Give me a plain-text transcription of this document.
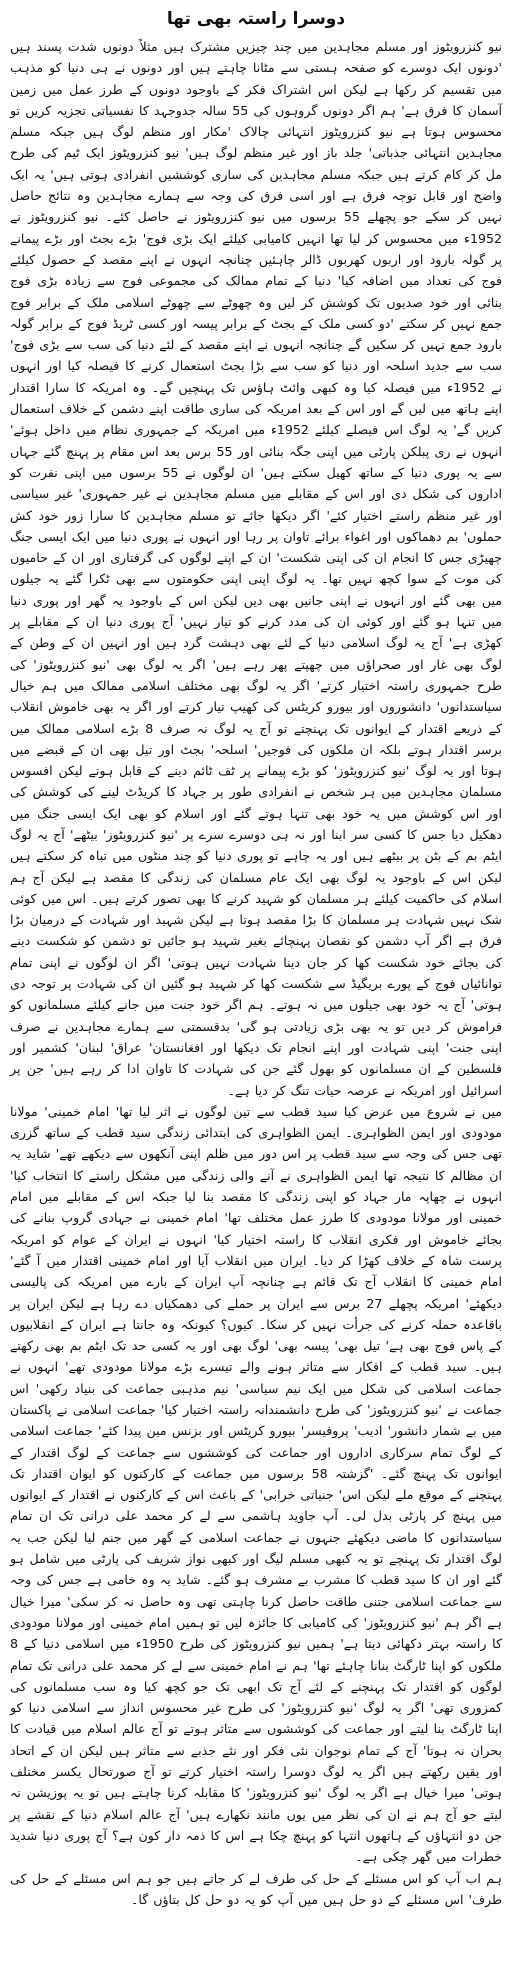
دوسرا راستہ بھی تھا

نیو کنزرویٹوز اور مسلم مجاہدین میں چند چیزیں مشترک ہیں مثلاً دونوں شدت پسند ہیں 'دونوں ایک دوسرے کو صفحہ ہستی سے مٹانا چاہتے ہیں اور دونوں نے ہی دنیا کو مذہب میں تقسیم کر رکھا ہے لیکن اس اشتراک فکر کے باوجود دونوں کے طرز عمل میں زمین آسمان کا فرق ہے' ہم اگر دونوں گروہوں کی 55 سالہ جدوجہد کا نفسیاتی تجزیہ کریں تو محسوس ہوتا ہے نیو کنزرویٹوز انتہائی چالاک 'مکار اور منظم لوگ ہیں جبکہ مسلم مجاہدین انتہائی جذباتی' جلد باز اور غیر منظم لوگ ہیں' نیو کنزرویٹوز ایک ٹیم کی طرح مل کر کام کرتے ہیں جبکہ مسلم مجاہدین کی ساری کوششیں انفرادی ہوتی ہیں' یہ ایک واضح اور قابل توجہ فرق ہے اور اسی فرق کی وجہ سے ہمارے مجاہدین وہ نتائج حاصل نہیں کر سکے جو پچھلے 55 برسوں میں نیو کنزرویٹوز نے حاصل کئے۔ نیو کنزرویٹوز نے 1952ء میں محسوس کر لیا تھا انہیں کامیابی کیلئے ایک بڑی فوج' بڑے بجٹ اور بڑے پیمانے پر گولہ بارود اور اربوں کھربوں ڈالر چاہئیں چنانچہ انہوں نے اپنے مقصد کے حصول کیلئے فوج کی تعداد میں اضافہ کیا' دنیا کے تمام ممالک کی مجموعی فوج سے زیادہ بڑی فوج بنائی اور خود صدیوں تک کوشش کر لیں وہ چھوٹے سے چھوٹے اسلامی ملک کے برابر فوج جمع نہیں کر سکتے 'دو کسی ملک کے بجٹ کے برابر پیسہ اور کسی ٹریڈ فوج کے برابر گولہ بارود جمع نہیں کر سکیں گے چنانچہ انہوں نے اپنے مقصد کے لئے دنیا کی سب سے بڑی فوج' سب سے جدید اسلحہ اور دنیا کو سب سے بڑا بجٹ استعمال کرنے کا فیصلہ کیا اور انہوں نے 1952ء میں فیصلہ کیا وہ کبھی وائٹ ہاؤس تک پہنچیں گے۔ وہ امریکہ کا سارا اقتدار اپنے ہاتھ میں لیں گے اور اس کے بعد امریکہ کی ساری طاقت اپنے دشمن کے خلاف استعمال کریں گے' یہ لوگ اس فیصلے کیلئے 1952ء میں امریکہ کے جمہوری نظام میں داخل ہوئے' انہوں نے ری پبلکن پارٹی میں اپنی جگہ بنائی اور 55 برس بعد اس مقام پر پہنچ گئے جہاں سے یہ پوری دنیا کے ساتھ کھیل سکتے ہیں' ان لوگوں نے 55 برسوں میں اپنی نفرت کو اداروں کی شکل دی اور اس کے مقابلے میں مسلم مجاہدین نے غیر جمہوری' غیر سیاسی اور غیر منظم راستے اختیار کئے' اگر دیکھا جائے تو مسلم مجاہدین کا سارا زور خود کش حملوں' بم دھماکوں اور اغواء برائے تاوان پر رہا اور انہوں نے پوری دنیا میں ایک ایسی جنگ چھیڑی جس کا انجام ان کی اپنی شکست' ان کے اپنے لوگوں کی گرفتاری اور ان کے حامیوں کی موت کے سوا کچھ نہیں تھا۔ یہ لوگ اپنی اپنی حکومتوں سے بھی ٹکرا گئے یہ جیلوں میں بھی گئے اور انہوں نے اپنی جانیں بھی دیں لیکن اس کے باوجود یہ گھر اور پوری دنیا میں تنہا ہو گئے اور کوئی ان کی مدد کرنے کو تیار نہیں' آج پوری دنیا ان کے مقابلے پر کھڑی ہے' آج یہ لوگ اسلامی دنیا کے لئے بھی دہشت گرد ہیں اور انہیں ان کے وطن کے لوگ بھی غار اور صحراؤں میں چھپتے پھر رہے ہیں' اگر یہ لوگ بھی 'نیو کنزرویٹوز' کی طرح جمہوری راستہ اختیار کرتے' اگر یہ لوگ بھی مختلف اسلامی ممالک میں ہم خیال سیاستدانوں' دانشوروں اور بیورو کریٹس کی کھیپ تیار کرتے اور اگر یہ بھی خاموش انقلاب کے ذریعے اقتدار کے ایوانوں تک پہنچتے تو آج یہ لوگ نہ صرف 8 بڑے اسلامی ممالک میں برسر اقتدار ہوتے بلکہ ان ملکوں کی فوجیں' اسلحہ' بجٹ اور تیل بھی ان کے قبضے میں ہوتا اور یہ لوگ 'نیو کنزرویٹوز' کو بڑے پیمانے پر ٹف ٹائم دینے کے قابل ہوتے لیکن افسوس مسلمان مجاہدین میں ہر شخص نے انفرادی طور پر جہاد کا کریڈٹ لینے کی کوشش کی اور اس کوشش میں یہ خود بھی تنہا ہوتے گئے اور اسلام کو بھی ایک ایسی جنگ میں دھکیل دیا جس کا کسی سر ابنا اور نہ ہی دوسرے سرے پر 'نیو کنزرویٹوز' بیٹھے' آج یہ لوگ ایٹم بم کے بٹن پر بیٹھے ہیں اور یہ چاہے تو پوری دنیا کو چند منٹوں میں تباہ کر سکتے ہیں لیکن اس کے باوجود یہ لوگ بھی ایک عام مسلمان کی زندگی کا مقصد ہے لیکن آج ہم اسلام کی حاکمیت کیلئے ہر مسلمان کو شہید کرنے کا بھی تصور کرتے ہیں۔ اس میں کوئی شک نہیں شہادت ہر مسلمان کا بڑا مقصد ہوتا ہے لیکن شہید اور شہادت کے درمیان بڑا فرق ہے اگر آپ دشمن کو نقصان پہنچائے بغیر شہید ہو جائیں تو دشمن کو شکست دینے کی بجائے خود شکست کھا کر جان دینا شہادت نہیں ہوتی' اگر ان لوگوں نے اپنی تمام توانائیاں فوج کے پورے بریگیڈ سے شکست کھا کر شہید ہو گئیں ان کی شہادت پر توجہ دی ہوتی' آج یہ خود بھی جیلوں میں نہ ہوتے۔ ہم اگر خود جنت میں جانے کیلئے مسلمانوں کو فراموش کر دیں تو یہ بھی بڑی زیادتی ہو گی' بدقسمتی سے ہمارے مجاہدین نے صرف اپنی جنت' اپنی شہادت اور اپنے انجام تک دیکھا اور افغانستان' عراق' لبنان' کشمیر اور فلسطین کے ان مسلمانوں کو بھول گئے جن کی شہادت کا تاوان ادا کر رہے ہیں' جن پر اسرائیل اور امریکہ نے عرصہ حیات تنگ کر دیا ہے۔

میں نے شروع میں عرض کیا سید قطب سے تین لوگوں نے اثر لیا تھا' امام خمینی' مولانا مودودی اور ایمن الظواہری۔ ایمن الظواہری کی ابتدائی زندگی سید قطب کے ساتھ گزری تھی جس کی وجہ سے سید قطب پر اس دور میں ظلم اپنی آنکھوں سے دیکھے تھے' شاید یہ ان مظالم کا نتیجہ تھا ایمن الظواہری نے آنے والی زندگی میں مشکل راستے کا انتخاب کیا' انہوں نے چھاپہ مار جہاد کو اپنی زندگی کا مقصد بنا لیا جبکہ اس کے مقابلے میں امام خمینی اور مولانا مودودی کا طرز عمل مختلف تھا' امام خمینی نے جہادی گروپ بنانے کی بجائے خاموش اور فکری انقلاب کا راستہ اختیار کیا' انہوں نے ایران کے عوام کو امریکہ پرست شاہ کے خلاف کھڑا کر دیا۔ ایران میں انقلاب آیا اور امام خمینی اقتدار میں آ گئے' امام خمینی کا انقلاب آج تک قائم ہے چنانچہ آپ ایران کے بارے میں امریکہ کی پالیسی دیکھئے' امریکہ پچھلے 27 برس سے ایران پر حملے کی دھمکیاں دے رہا ہے لیکن ایران پر باقاعدہ حملہ کرنے کی جرأت نہیں کر سکا۔ کیوں؟ کیونکہ وہ جانتا ہے ایران کے انقلابیوں کے پاس فوج بھی ہے' تیل بھی' پیسہ بھی' لوگ بھی اور یہ کسی حد تک ایٹم بم بھی رکھتے ہیں۔ سید قطب کے افکار سے متاثر ہونے والے تیسرے بڑے مولانا مودودی تھے' انہوں نے جماعت اسلامی کی شکل میں ایک نیم سیاسی' نیم مذہبی جماعت کی بنیاد رکھی' اس جماعت نے 'نیو کنزرویٹوز' کی طرح دانشمندانہ راستہ اختیار کیا' جماعت اسلامی نے پاکستان میں بے شمار دانشور' ادیب' پروفیسر' بیورو کریٹس اور بزنس مین پیدا کئے' جماعت اسلامی کے لوگ تمام سرکاری اداروں اور جماعت کی کوششوں سے جماعت کے لوگ اقتدار کے ایوانوں تک پہنچ گئے۔ 'گزشتہ 58 برسوں میں جماعت کے کارکنوں کو ایوان اقتدار تک پہنچنے کے موقع ملے لیکن اس' جنیاتی خرابی' کے باعث اس کے کارکنوں نے اقتدار کے ایوانوں میں پہنچ کر پارٹی بدل لی۔ آپ جاوید ہاشمی سے لے کر محمد علی درانی تک ان تمام سیاستدانوں کا ماضی دیکھئے جنہوں نے جماعت اسلامی کے گھر میں جنم لیا لیکن جب یہ لوگ اقتدار تک پہنچے تو یہ کبھی مسلم لیگ اور کبھی نواز شریف کی پارٹی میں شامل ہو گئے اور ان کا سید قطب کا مشرب بے مشرف ہو گئے۔ شاید یہ وہ خامی ہے جس کی وجہ سے جماعت اسلامی جتنی طاقت حاصل کرنا چاہتی تھی وہ حاصل نہ کر سکی' میرا خیال ہے اگر ہم 'نیو کنزرویٹوز' کی کامیابی کا جائزہ لیں تو ہمیں امام خمینی اور مولانا مودودی کا راستہ بہتر دکھائی دیتا ہے' ہمیں نیو کنزرویٹوز کی طرح 1950ء میں اسلامی دنیا کے 8 ملکوں کو اپنا ٹارگٹ بنانا چاہئے تھا' ہم نے امام خمینی سے لے کر محمد علی درانی تک تمام لوگوں کو اقتدار تک پہنچنے کے لئے آج تک ابھی تک جو کچھ کیا وہ سب مسلمانوں کی کمزوری تھی' اگر یہ لوگ 'نیو کنزرویٹوز' کی طرح غیر محسوس انداز سے اسلامی دنیا کو اپنا ٹارگٹ بنا لیتے اور جماعت کی کوششوں سے متاثر ہوتے تو آج عالم اسلام میں قیادت کا بحران نہ ہوتا' آج کے تمام نوجوان نئی فکر اور نئے جذبے سے متاثر ہیں لیکن ان کے اتحاد اور یقین رکھتے ہیں اگر یہ لوگ دوسرا راستہ اختیار کرتے تو آج صورتحال یکسر مختلف ہوتی' میرا خیال ہے اگر یہ لوگ 'نیو کنزرویٹوز' کا مقابلہ کرنا چاہتے ہیں تو یہ پوزیشن نہ لیتے جو آج ہم نے ان کی نظر میں یوں مانند نکھارے ہیں' آج عالم اسلام دنیا کے نقشے پر جن دو انتہاؤں کے ہاتھوں انتہا کو پہنچ چکا ہے اس کا ذمہ دار کون ہے؟ آج پوری دنیا شدید خطرات میں گھر چکی ہے۔

ہم اب آپ کو اس مسئلے کے حل کی طرف لے کر جاتے ہیں جو ہم اس مسئلے کے حل کی طرف' اس مسئلے کے دو حل ہیں میں آپ کو یہ دو حل کل بتاؤں گا۔
